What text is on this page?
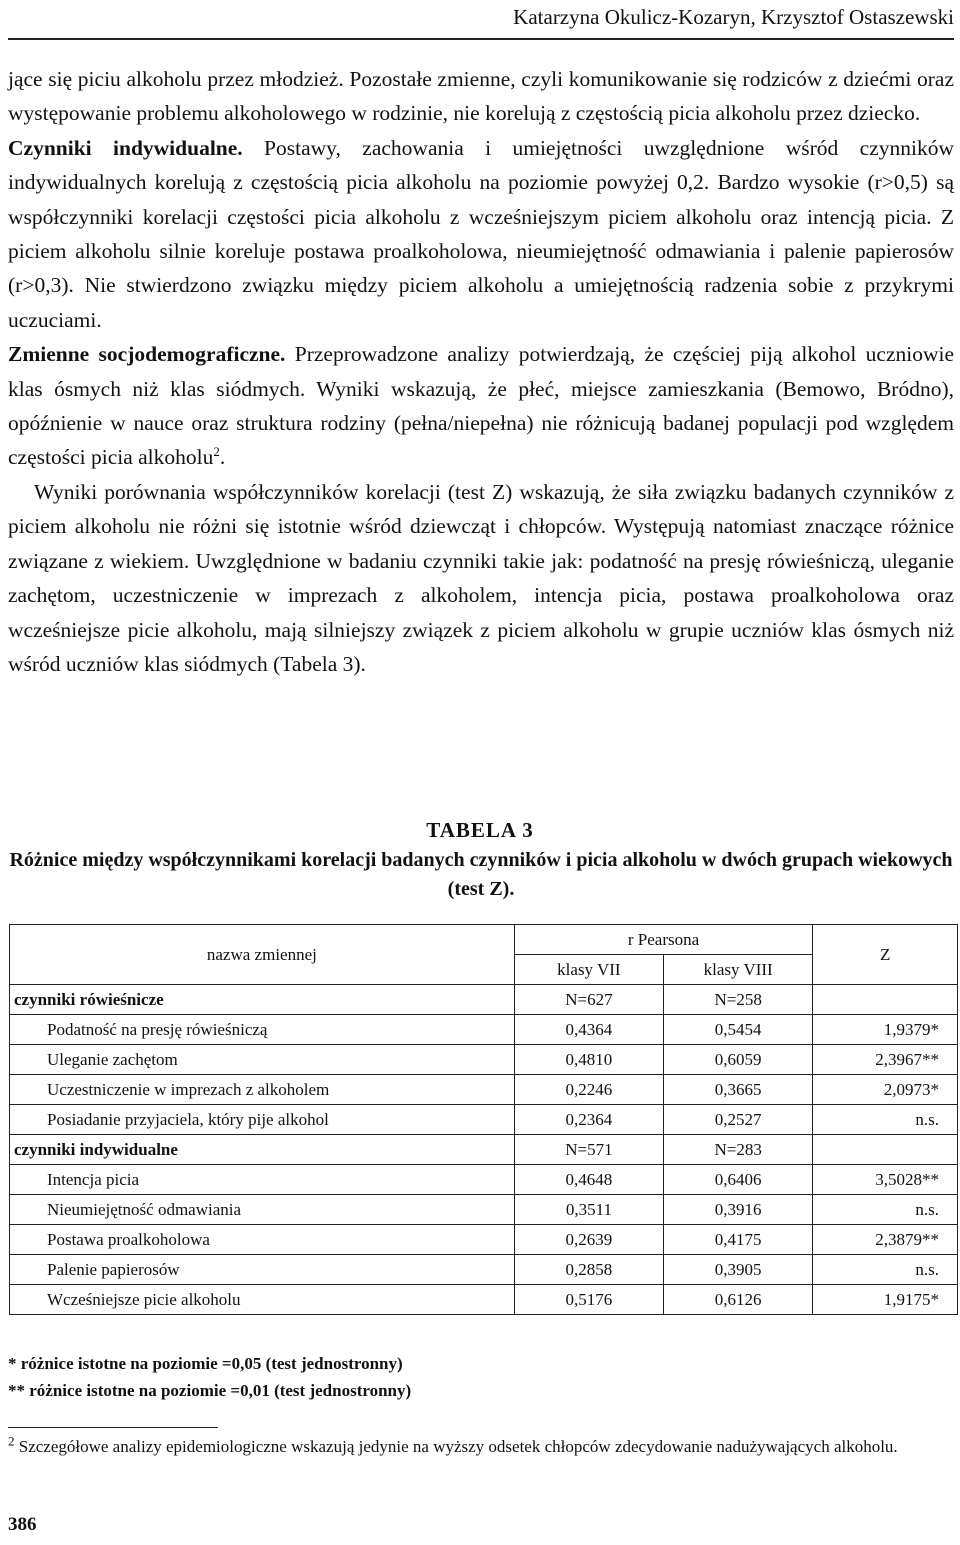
Katarzyna Okulicz-Kozaryn, Krzysztof Ostaszewski

jące się piciu alkoholu przez młodzież. Pozostałe zmienne, czyli komunikowanie się rodziców z dziećmi oraz występowanie problemu alkoholowego w rodzinie, nie korelują z częstością picia alkoholu przez dziecko.

Czynniki indywidualne. Postawy, zachowania i umiejętności uwzględnione wśród czynników indywidualnych korelują z częstością picia alkoholu na poziomie powyżej 0,2. Bardzo wysokie (r>0,5) są współczynniki korelacji częstości picia alkoholu z wcześniejszym piciem alkoholu oraz intencją picia. Z piciem alkoholu silnie koreluje postawa proalkoholowa, nieumiejętność odmawiania i palenie papierosów (r>0,3). Nie stwierdzono związku między piciem alkoholu a umiejętnością radzenia sobie z przykrymi uczuciami.

Zmienne socjodemograficzne. Przeprowadzone analizy potwierdzają, że częściej piją alkohol uczniowie klas ósmych niż klas siódmych. Wyniki wskazują, że płeć, miejsce zamieszkania (Bemowo, Bródno), opóźnienie w nauce oraz struktura rodziny (pełna/niepełna) nie różnicują badanej populacji pod względem częstości picia alkoholu$^2$.

Wyniki porównania współczynników korelacji (test Z) wskazują, że siła związku badanych czynników z piciem alkoholu nie różni się istotnie wśród dziewcząt i chłopców. Występują natomiast znaczące różnice związane z wiekiem. Uwzględnione w badaniu czynniki takie jak: podatność na presję rówieśniczą, uleganie zachętom, uczestniczenie w imprezach z alkoholem, intencja picia, postawa proalkoholowa oraz wcześniejsze picie alkoholu, mają silniejszy związek z piciem alkoholu w grupie uczniów klas ósmych niż wśród uczniów klas siódmych (Tabela 3).

TABELA 3
Różnice między współczynnikami korelacji badanych czynników i picia alkoholu w dwóch grupach wiekowych (test Z).
nazwa zmiennej	r Pearsona		Z
	klasy VII	klasy VIII	
czynniki rówieśnicze	N=627	N=258	
Podatność na presję rówieśniczą	0,4364	0,5454	1,9379*
Uleganie zachętom	0,4810	0,6059	2,3967**
Uczestniczenie w imprezach z alkoholem	0,2246	0,3665	2,0973*
Posiadanie przyjaciela, który pije alkohol	0,2364	0,2527	n.s.
czynniki indywidualne	N=571	N=283	
Intencja picia	0,4648	0,6406	3,5028**
Nieumiejętność odmawiania	0,3511	0,3916	n.s.
Postawa proalkoholowa	0,2639	0,4175	2,3879**
Palenie papierosów	0,2858	0,3905	n.s.
Wcześniejsze picie alkoholu	0,5176	0,6126	1,9175*
* różnice istotne na poziomie =0,05 (test jednostronny)
** różnice istotne na poziomie =0,01 (test jednostronny)
$^2$ Szczegółowe analizy epidemiologiczne wskazują jedynie na wyższy odsetek chłopców zdecydowanie nadużywających alkoholu.
386
